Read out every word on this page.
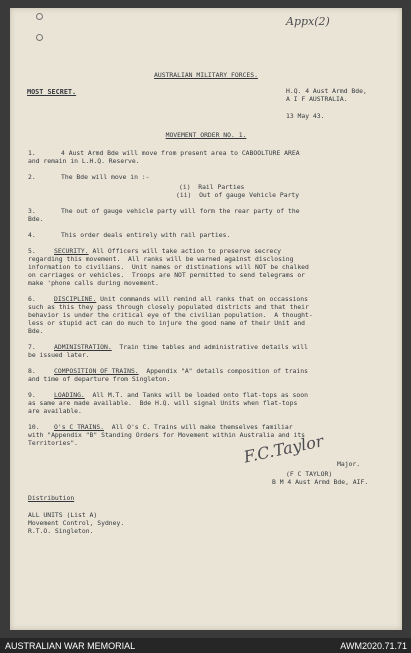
Appx(2)
AUSTRALIAN MILITARY FORCES.
MOST SECRET.	H.Q. 4 Aust Armd Bde,
A I F AUSTRALIA.
13 May 43.
MOVEMENT ORDER NO. 1.
1.	4 Aust Armd Bde will move from present area to CABOOLTURE AREA
and remain in L.H.Q. Reserve.
2.	The Bde will move in :-
(i)  Rail Parties
(ii)  Out of gauge Vehicle Party
3.	The out of gauge vehicle party will form the rear party of the
Bde.
4.	This order deals entirely with rail parties.
5.	SECURITY. All Officers will take action to preserve secrecy
regarding this movement.  All ranks will be warned against disclosing
information to civilians.  Unit names or distinations will NOT be chalked
on carriages or vehicles.  Troops are NOT permitted to send telegrams or
make 'phone calls during movement.
6.	DISCIPLINE. Unit commands will remind all ranks that on occassions
such as this they pass through closely populated districts and that their
behavior is under the critical eye of the civilian population.  A thought-
less or stupid act can do much to injure the good name of their Unit and
Bde.
7.	ADMINISTRATION.  Train time tables and administrative details will
be issued later.
8.	COMPOSITION OF TRAINS.  Appendix "A" details composition of trains
and time of departure from Singleton.
9.	LOADING.  All M.T. and Tanks will be loaded onto flat-tops as soon
as same are made available.  Bde H.Q. will signal Units when flat-tops
are available.
10. O's C TRAINS.  All O's C. Trains will make themselves familiar
with "Appendix "B" Standing Orders for Movement within Australia and its
Territories".	F.C.Taylor Major.
(F C TAYLOR)
B M 4 Aust Armd Bde, AIF.
Distribution
ALL UNITS (List A)
Movement Control, Sydney.
R.T.O. Singleton.
AUSTRALIAN WAR MEMORIAL	AWM2020.71.71
